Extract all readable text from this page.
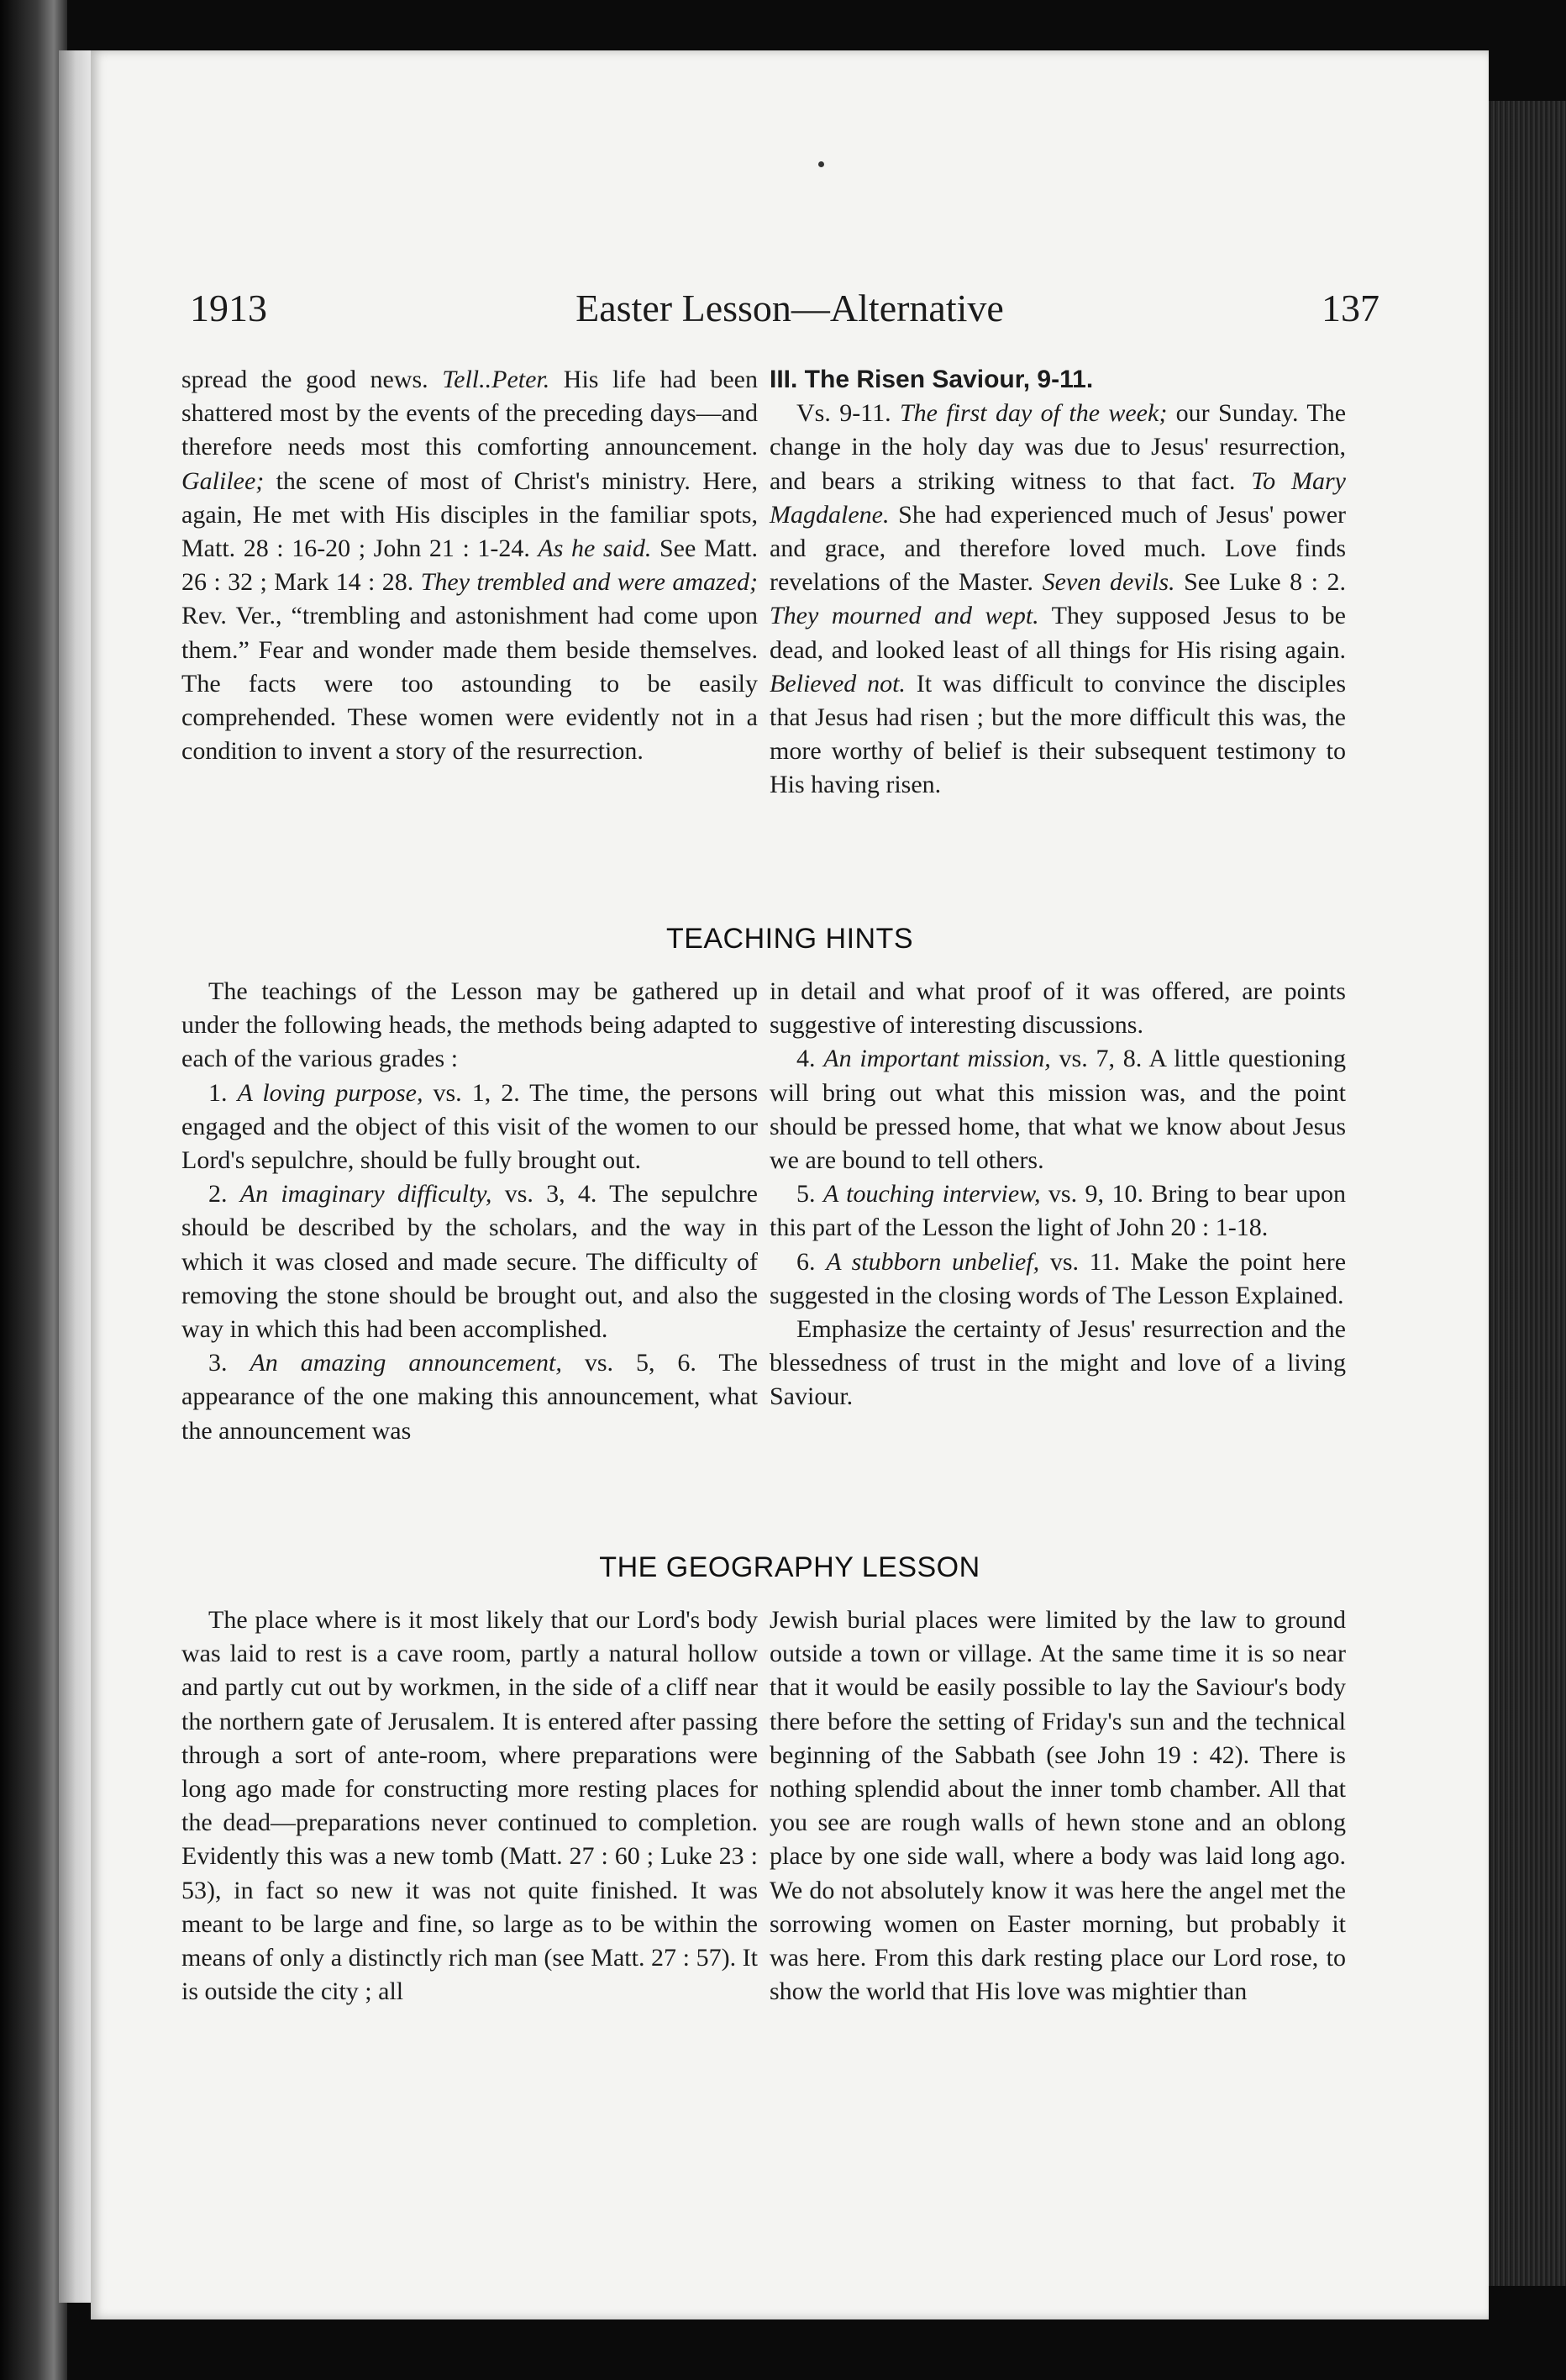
1913	Easter Lesson—Alternative	137

spread the good news. Tell..Peter. His life had been shattered most by the events of the preceding days—and therefore needs most this comforting announcement. Galilee; the scene of most of Christ's ministry. Here, again, He met with His disciples in the familiar spots, Matt. 28 : 16-20 ; John 21 : 1-24. As he said. See Matt. 26 : 32 ; Mark 14 : 28. They trembled and were amazed; Rev. Ver., “trembling and astonishment had come upon them.” Fear and wonder made them beside themselves. The facts were too astounding to be easily comprehended. These women were evidently not in a condition to invent a story of the resurrection.

III. The Risen Saviour, 9-11.

Vs. 9-11. The first day of the week; our Sunday. The change in the holy day was due to Jesus' resurrection, and bears a striking witness to that fact. To Mary Magdalene. She had experienced much of Jesus' power and grace, and therefore loved much. Love finds revelations of the Master. Seven devils. See Luke 8 : 2. They mourned and wept. They supposed Jesus to be dead, and looked least of all things for His rising again. Believed not. It was difficult to convince the disciples that Jesus had risen ; but the more difficult this was, the more worthy of belief is their subsequent testimony to His having risen.

TEACHING HINTS

The teachings of the Lesson may be gathered up under the following heads, the methods being adapted to each of the various grades :

1. A loving purpose, vs. 1, 2. The time, the persons engaged and the object of this visit of the women to our Lord's sepulchre, should be fully brought out.

2. An imaginary difficulty, vs. 3, 4. The sepulchre should be described by the scholars, and the way in which it was closed and made secure. The difficulty of removing the stone should be brought out, and also the way in which this had been accomplished.

3. An amazing announcement, vs. 5, 6. The appearance of the one making this announcement, what the announcement was

in detail and what proof of it was offered, are points suggestive of interesting discussions.

4. An important mission, vs. 7, 8. A little questioning will bring out what this mission was, and the point should be pressed home, that what we know about Jesus we are bound to tell others.

5. A touching interview, vs. 9, 10. Bring to bear upon this part of the Lesson the light of John 20 : 1-18.

6. A stubborn unbelief, vs. 11. Make the point here suggested in the closing words of The Lesson Explained.

Emphasize the certainty of Jesus' resurrection and the blessedness of trust in the might and love of a living Saviour.

THE GEOGRAPHY LESSON

The place where is it most likely that our Lord's body was laid to rest is a cave room, partly a natural hollow and partly cut out by workmen, in the side of a cliff near the northern gate of Jerusalem. It is entered after passing through a sort of ante-room, where preparations were long ago made for constructing more resting places for the dead—preparations never continued to completion. Evidently this was a new tomb (Matt. 27 : 60 ; Luke 23 : 53), in fact so new it was not quite finished. It was meant to be large and fine, so large as to be within the means of only a distinctly rich man (see Matt. 27 : 57). It is outside the city ; all

Jewish burial places were limited by the law to ground outside a town or village. At the same time it is so near that it would be easily possible to lay the Saviour's body there before the setting of Friday's sun and the technical beginning of the Sabbath (see John 19 : 42). There is nothing splendid about the inner tomb chamber. All that you see are rough walls of hewn stone and an oblong place by one side wall, where a body was laid long ago. We do not absolutely know it was here the angel met the sorrowing women on Easter morning, but probably it was here. From this dark resting place our Lord rose, to show the world that His love was mightier than
